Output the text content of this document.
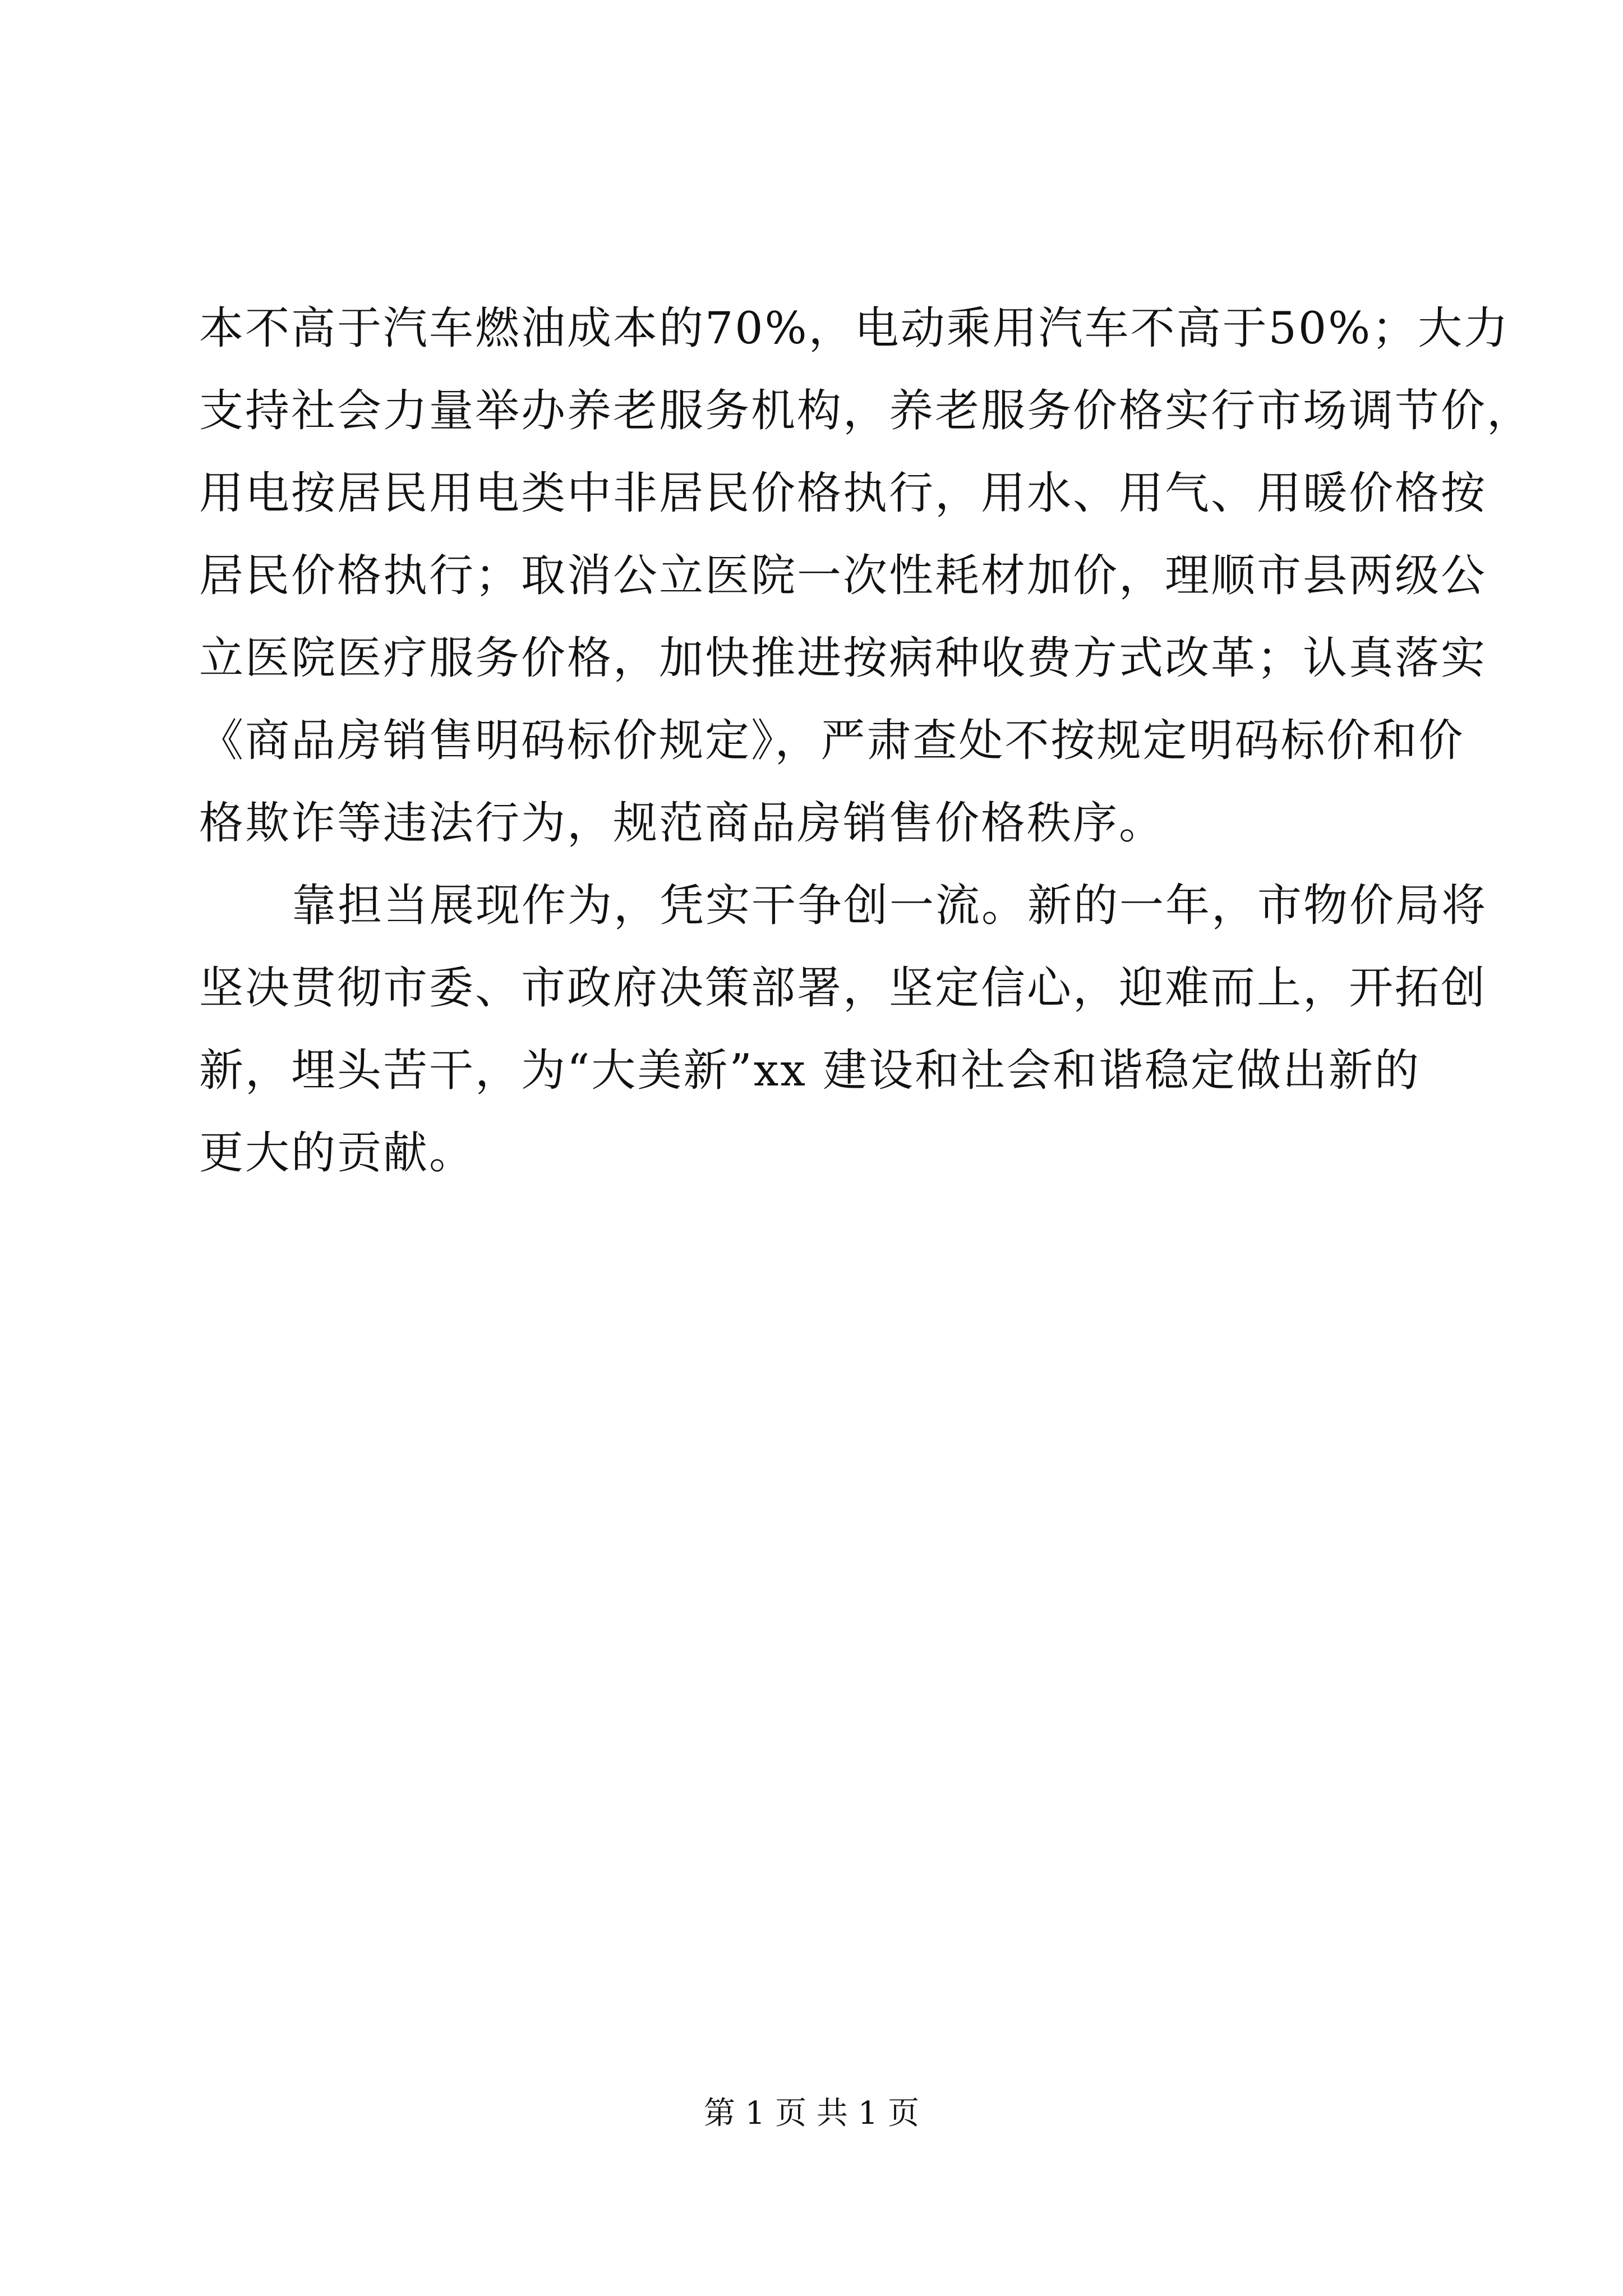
本不高于汽车燃油成本的70%，电动乘用汽车不高于50%；大力
支持社会力量举办养老服务机构，养老服务价格实行市场调节价，
用电按居民用电类中非居民价格执行，用水、用气、用暖价格按
居民价格执行；取消公立医院一次性耗材加价，理顺市县两级公
立医院医疗服务价格，加快推进按病种收费方式改革；认真落实
《商品房销售明码标价规定》，严肃查处不按规定明码标价和价
格欺诈等违法行为，规范商品房销售价格秩序。
靠担当展现作为，凭实干争创一流。新的一年，市物价局将
坚决贯彻市委、市政府决策部署，坚定信心，迎难而上，开拓创
新，埋头苦干，为“大美新”xx 建设和社会和谐稳定做出新的
更大的贡献。
第 1 页 共 1 页
